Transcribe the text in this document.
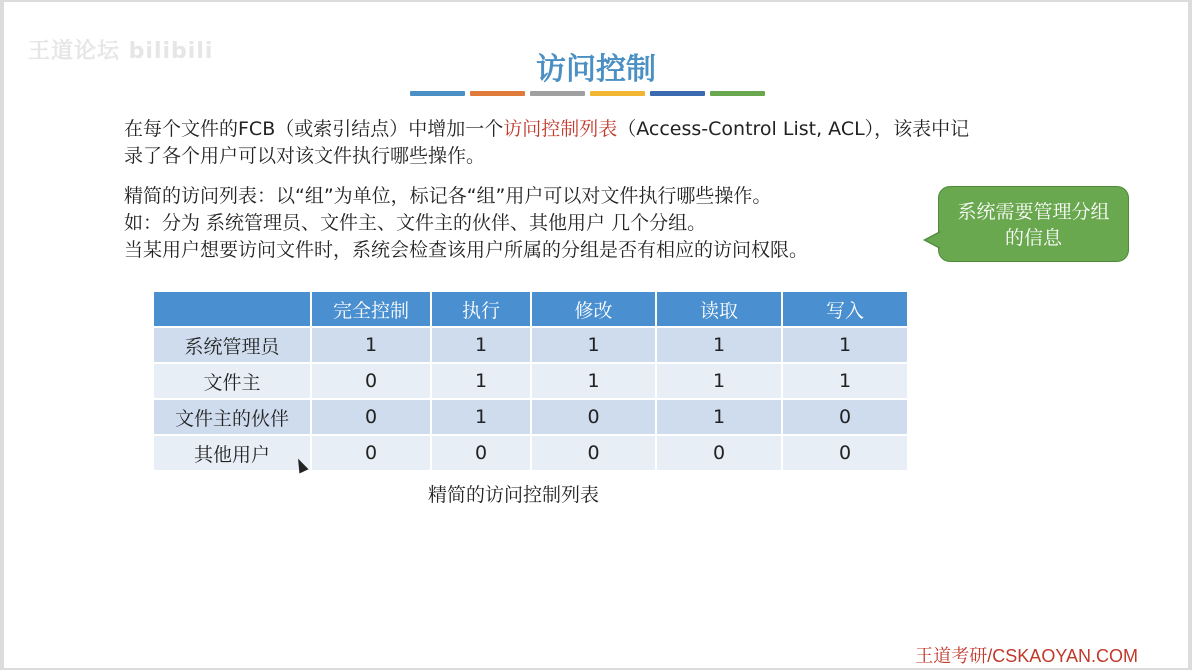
王道论坛 bilibili
访问控制
在每个文件的FCB（或索引结点）中增加一个访问控制列表（Access-Control List, ACL），该表中记
录了各个用户可以对该文件执行哪些操作。
精简的访问列表：以“组”为单位，标记各“组”用户可以对文件执行哪些操作。
如：分为 系统管理员、文件主、文件主的伙伴、其他用户 几个分组。
当某用户想要访问文件时，系统会检查该用户所属的分组是否有相应的访问权限。
系统需要管理分组的信息
	完全控制	执行	修改	读取	写入
系统管理员	1	1	1	1	1
文件主	0	1	1	1	1
文件主的伙伴	0	1	0	1	0
其他用户	0	0	0	0	0
精简的访问控制列表
王道考研/CSKAOYAN.COM
